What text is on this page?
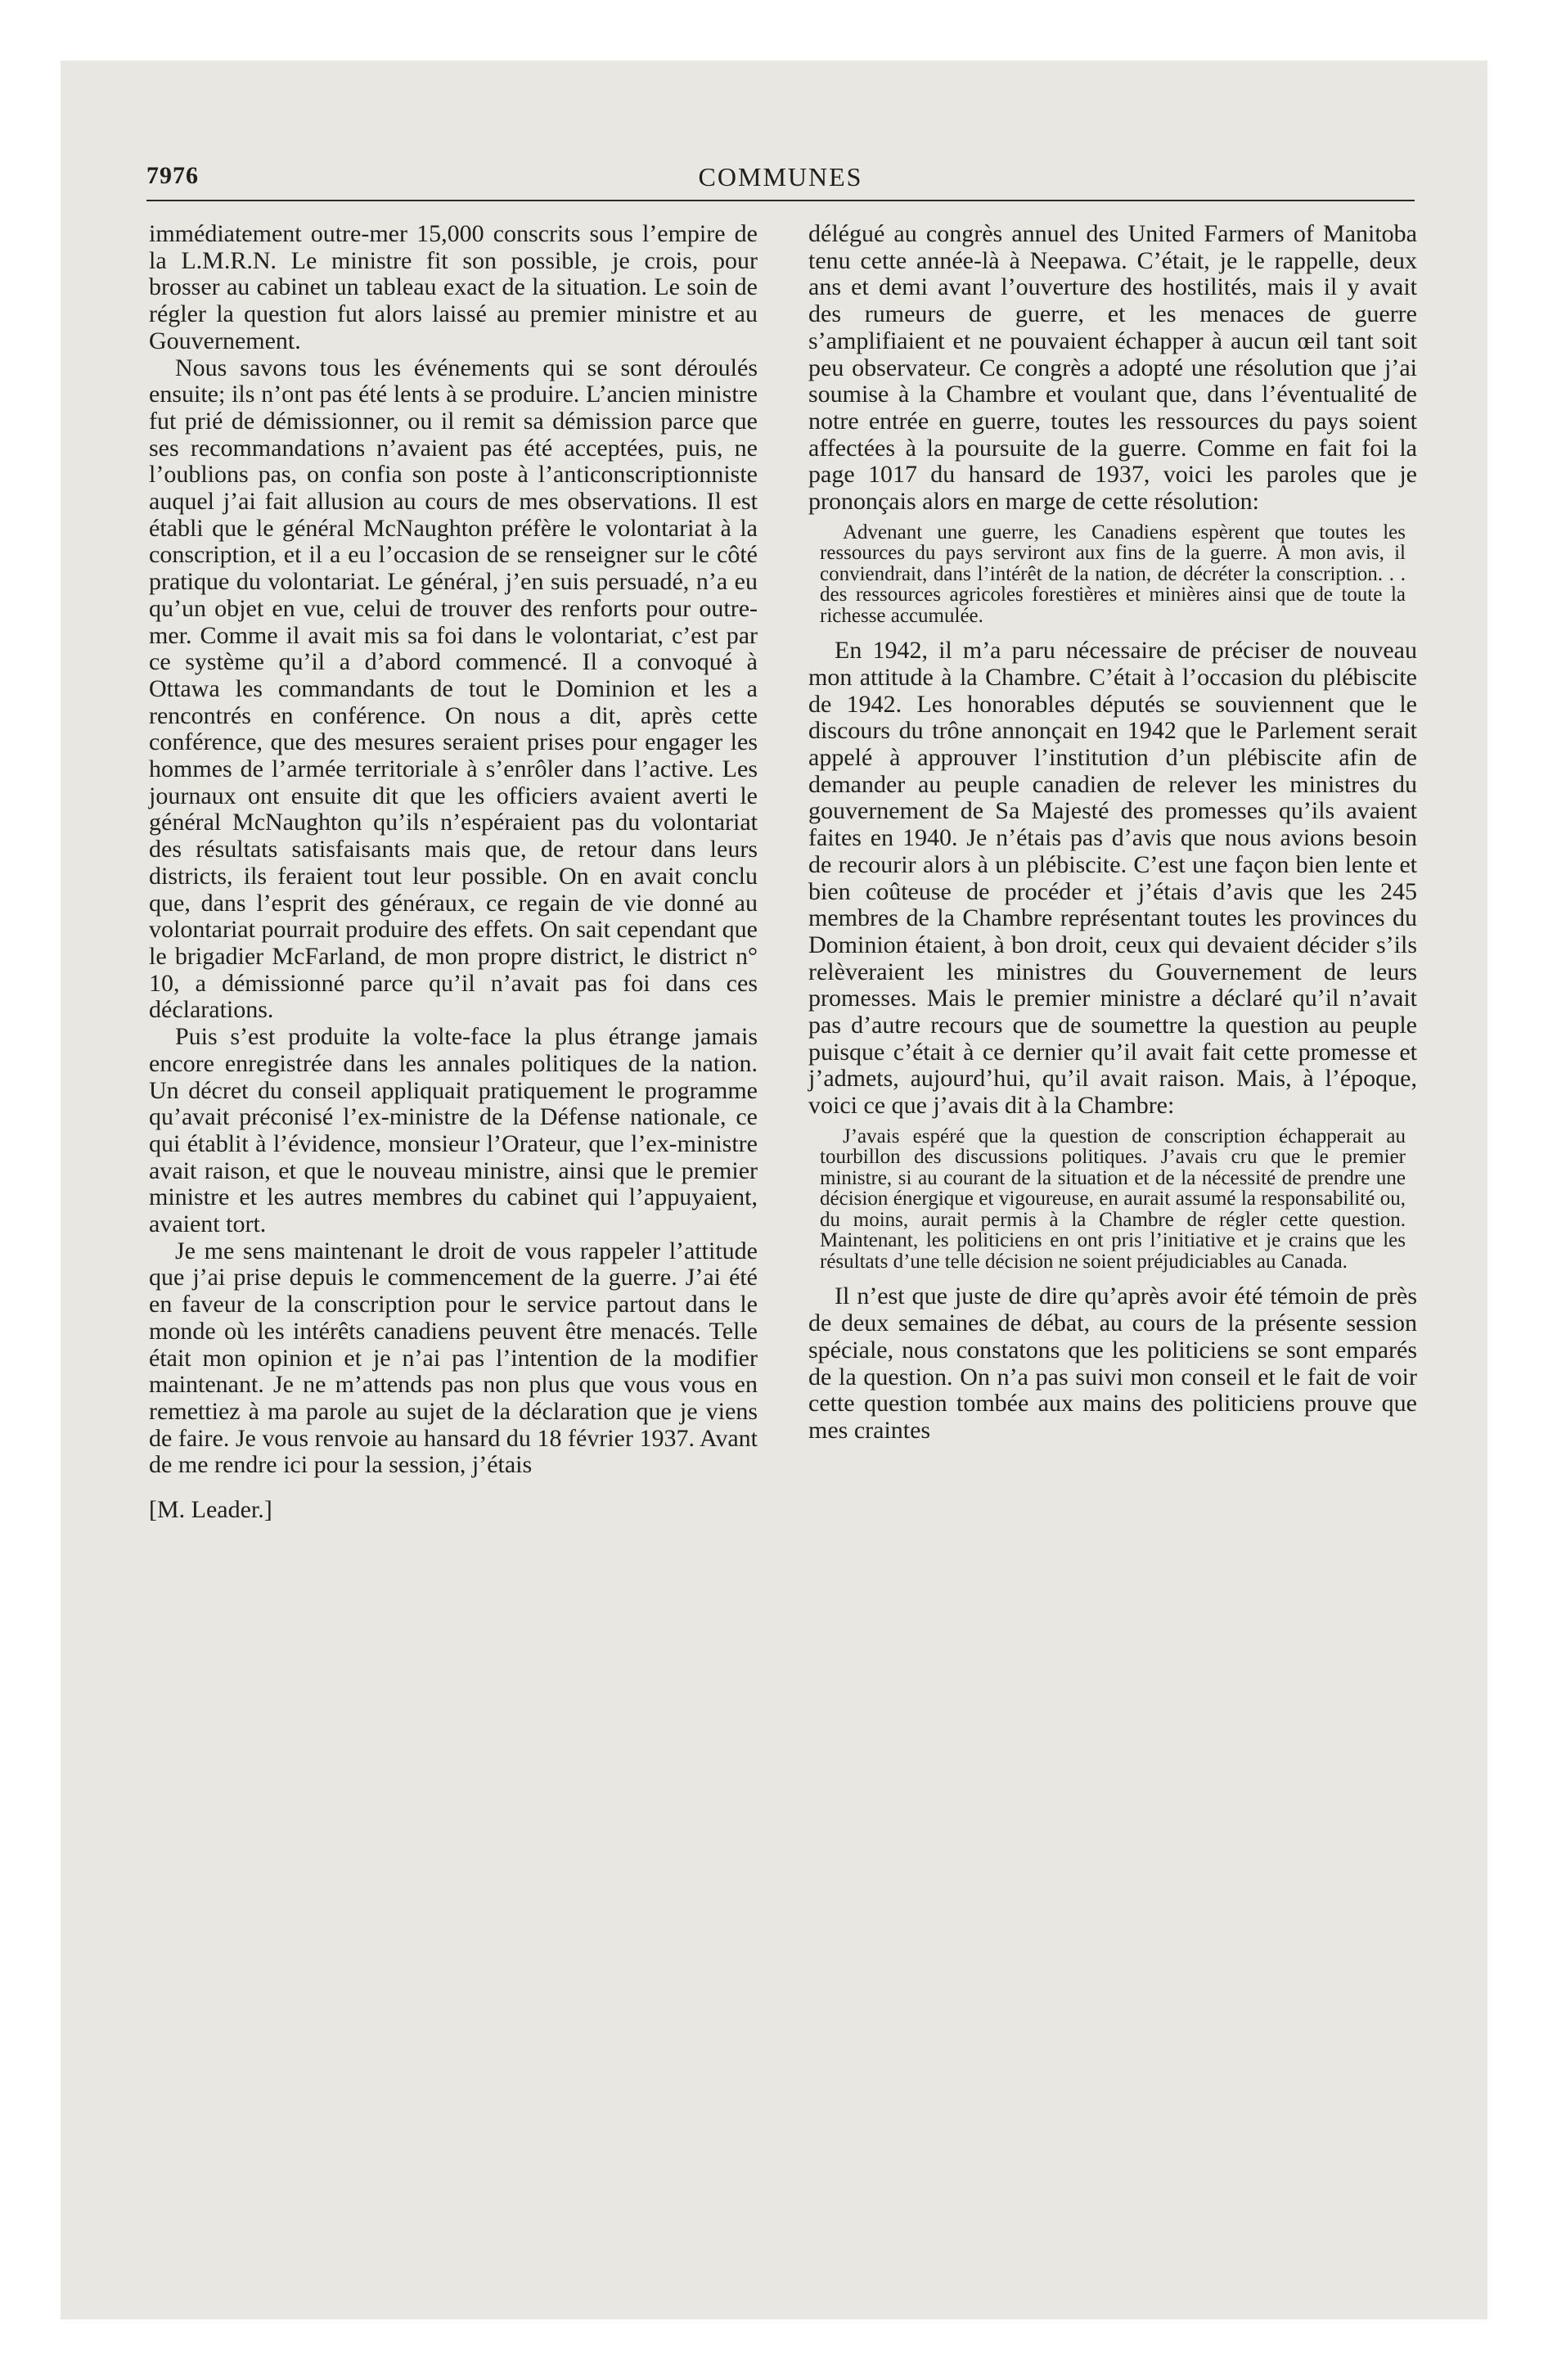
7976	COMMUNES

immédiatement outre-mer 15,000 conscrits sous l’empire de la L.M.R.N. Le ministre fit son possible, je crois, pour brosser au cabinet un tableau exact de la situation. Le soin de régler la question fut alors laissé au premier ministre et au Gouvernement.

Nous savons tous les événements qui se sont déroulés ensuite; ils n’ont pas été lents à se produire. L’ancien ministre fut prié de démissionner, ou il remit sa démission parce que ses recommandations n’avaient pas été acceptées, puis, ne l’oublions pas, on confia son poste à l’anticonscriptionniste auquel j’ai fait allusion au cours de mes observations. Il est établi que le général McNaughton préfère le volontariat à la conscription, et il a eu l’occasion de se renseigner sur le côté pratique du volontariat. Le général, j’en suis persuadé, n’a eu qu’un objet en vue, celui de trouver des renforts pour outre-mer. Comme il avait mis sa foi dans le volontariat, c’est par ce système qu’il a d’abord commencé. Il a convoqué à Ottawa les commandants de tout le Dominion et les a rencontrés en conférence. On nous a dit, après cette conférence, que des mesures seraient prises pour engager les hommes de l’armée territoriale à s’enrôler dans l’active. Les journaux ont ensuite dit que les officiers avaient averti le général McNaughton qu’ils n’espéraient pas du volontariat des résultats satisfaisants mais que, de retour dans leurs districts, ils feraient tout leur possible. On en avait conclu que, dans l’esprit des généraux, ce regain de vie donné au volontariat pourrait produire des effets. On sait cependant que le brigadier McFarland, de mon propre district, le district n° 10, a démissionné parce qu’il n’avait pas foi dans ces déclarations.

Puis s’est produite la volte-face la plus étrange jamais encore enregistrée dans les annales politiques de la nation. Un décret du conseil appliquait pratiquement le programme qu’avait préconisé l’ex-ministre de la Défense nationale, ce qui établit à l’évidence, monsieur l’Orateur, que l’ex-ministre avait raison, et que le nouveau ministre, ainsi que le premier ministre et les autres membres du cabinet qui l’appuyaient, avaient tort.

Je me sens maintenant le droit de vous rappeler l’attitude que j’ai prise depuis le commencement de la guerre. J’ai été en faveur de la conscription pour le service partout dans le monde où les intérêts canadiens peuvent être menacés. Telle était mon opinion et je n’ai pas l’intention de la modifier maintenant. Je ne m’attends pas non plus que vous vous en remettiez à ma parole au sujet de la déclaration que je viens de faire. Je vous renvoie au hansard du 18 février 1937. Avant de me rendre ici pour la session, j’étais

[M. Leader.]

délégué au congrès annuel des United Farmers of Manitoba tenu cette année-là à Neepawa. C’était, je le rappelle, deux ans et demi avant l’ouverture des hostilités, mais il y avait des rumeurs de guerre, et les menaces de guerre s’amplifiaient et ne pouvaient échapper à aucun œil tant soit peu observateur. Ce congrès a adopté une résolution que j’ai soumise à la Chambre et voulant que, dans l’éventualité de notre entrée en guerre, toutes les ressources du pays soient affectées à la poursuite de la guerre. Comme en fait foi la page 1017 du hansard de 1937, voici les paroles que je prononçais alors en marge de cette résolution:

Advenant une guerre, les Canadiens espèrent que toutes les ressources du pays serviront aux fins de la guerre. A mon avis, il conviendrait, dans l’intérêt de la nation, de décréter la conscription. . . des ressources agricoles forestières et minières ainsi que de toute la richesse accumulée.

En 1942, il m’a paru nécessaire de préciser de nouveau mon attitude à la Chambre. C’était à l’occasion du plébiscite de 1942. Les honorables députés se souviennent que le discours du trône annonçait en 1942 que le Parlement serait appelé à approuver l’institution d’un plébiscite afin de demander au peuple canadien de relever les ministres du gouvernement de Sa Majesté des promesses qu’ils avaient faites en 1940. Je n’étais pas d’avis que nous avions besoin de recourir alors à un plébiscite. C’est une façon bien lente et bien coûteuse de procéder et j’étais d’avis que les 245 membres de la Chambre représentant toutes les provinces du Dominion étaient, à bon droit, ceux qui devaient décider s’ils relèveraient les ministres du Gouvernement de leurs promesses. Mais le premier ministre a déclaré qu’il n’avait pas d’autre recours que de soumettre la question au peuple puisque c’était à ce dernier qu’il avait fait cette promesse et j’admets, aujourd’hui, qu’il avait raison. Mais, à l’époque, voici ce que j’avais dit à la Chambre:

J’avais espéré que la question de conscription échapperait au tourbillon des discussions politiques. J’avais cru que le premier ministre, si au courant de la situation et de la nécessité de prendre une décision énergique et vigoureuse, en aurait assumé la responsabilité ou, du moins, aurait permis à la Chambre de régler cette question. Maintenant, les politiciens en ont pris l’initiative et je crains que les résultats d’une telle décision ne soient préjudiciables au Canada.

Il n’est que juste de dire qu’après avoir été témoin de près de deux semaines de débat, au cours de la présente session spéciale, nous constatons que les politiciens se sont emparés de la question. On n’a pas suivi mon conseil et le fait de voir cette question tombée aux mains des politiciens prouve que mes craintes
